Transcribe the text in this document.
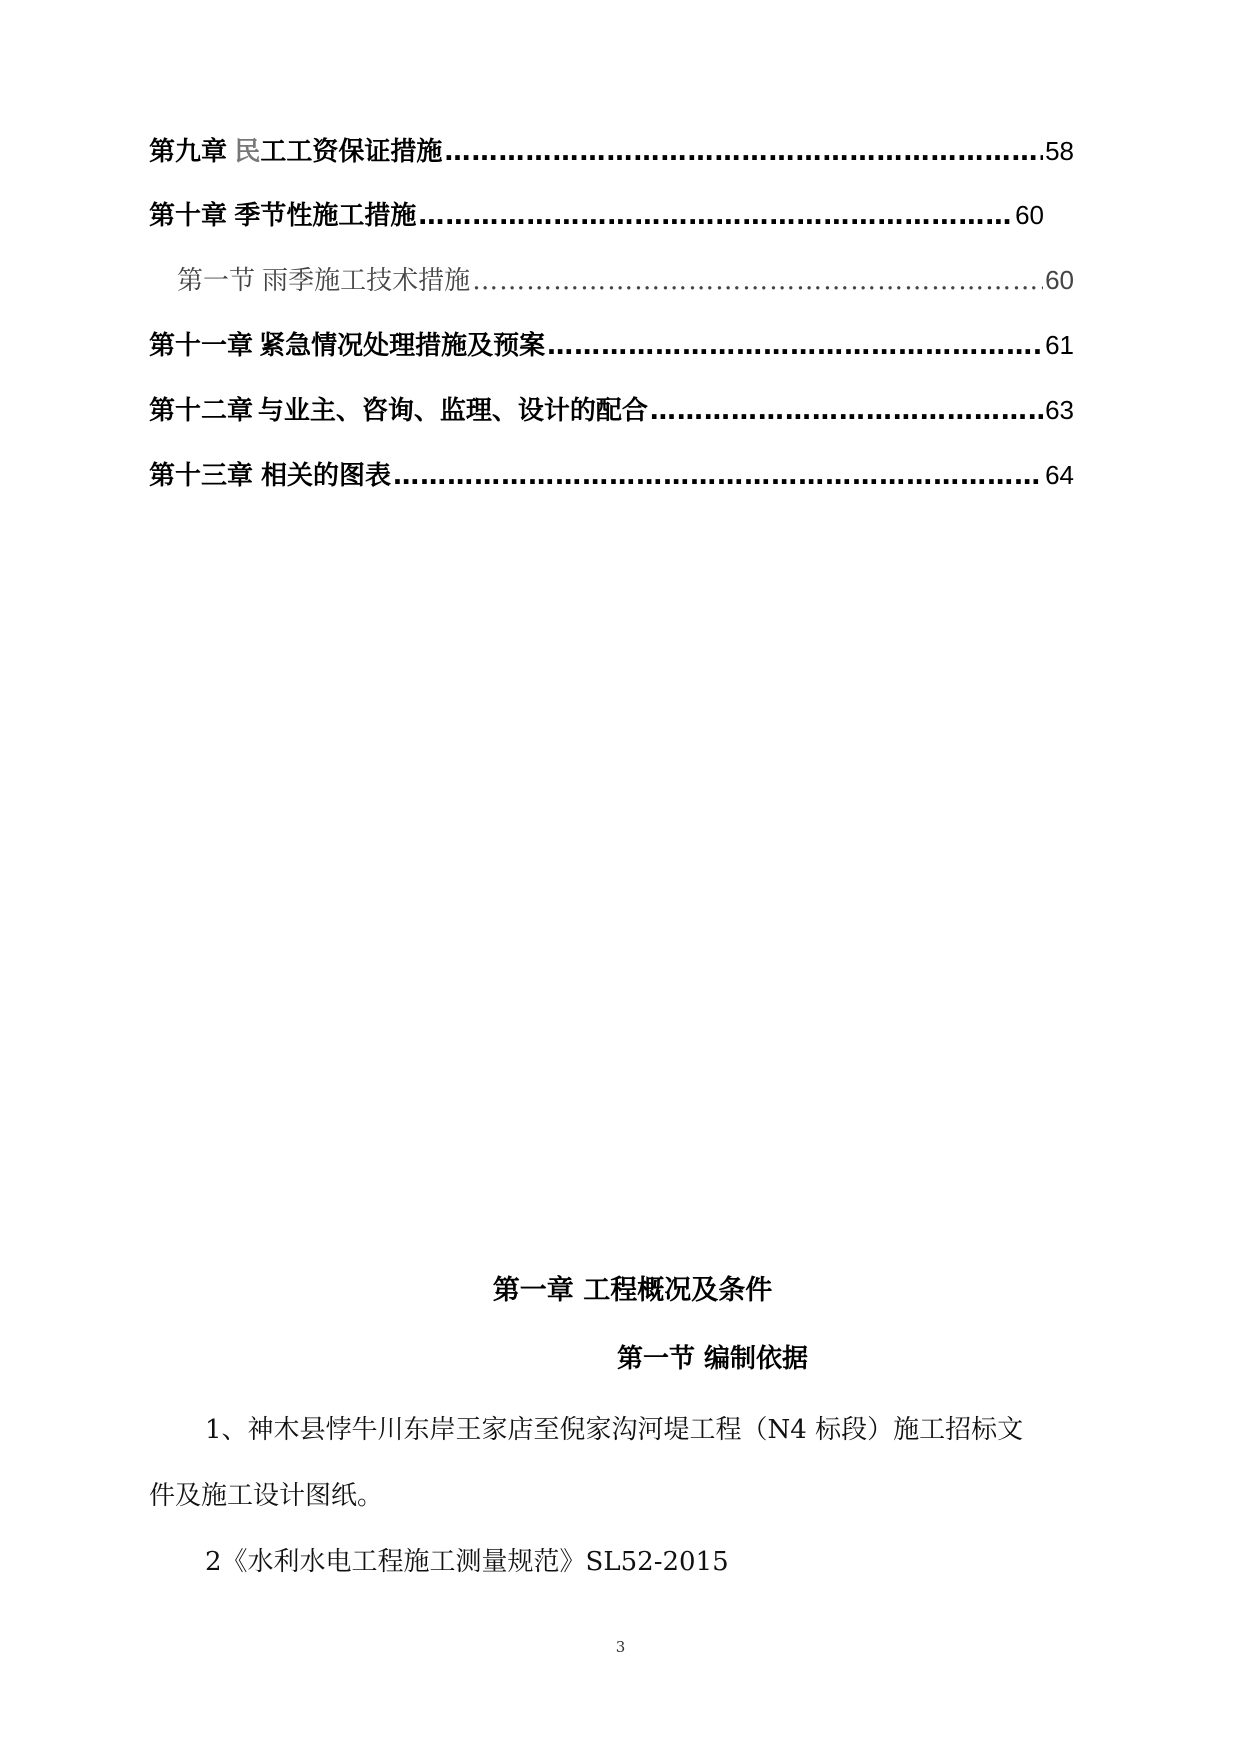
第九章 民 工工资保证措施 ………………………………………………………………………………………………………………………………………………	58
第十章 季节性施工措施 ………………………………………………………………………………………………………………………………………………	60
第一节 雨季施工技术措施 ………………………………………………………………………………………………………………………………………………	60
第十一章 紧急情况处理措施及预案 ………………………………………………………………………………………………………………………………………………	61
第十二章 与业主、咨询、监理、设计的配合 ………………………………………………………………………………………………………………………………………………	63
第十三章 相关的图表 ………………………………………………………………………………………………………………………………………………	64
第一章 工程概况及条件
第一节 编制依据
1、神木县悖牛川东岸王家店至倪家沟河堤工程（N4 标段）施工招标文
件及施工设计图纸。
2《水利水电工程施工测量规范》SL52-2015
3
